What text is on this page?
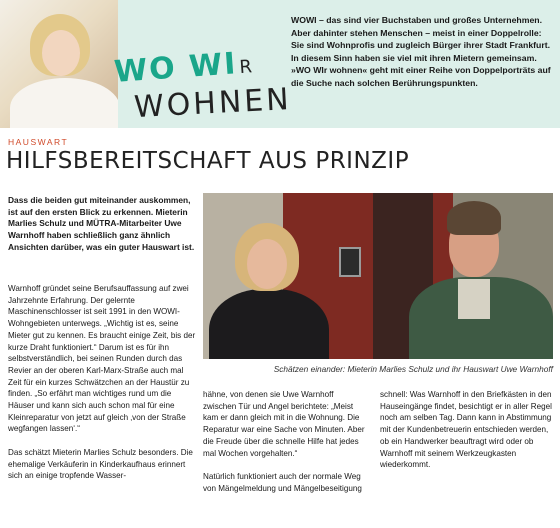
WO WIR
WOHNEN
WOWI – das sind vier Buchstaben und großes Unternehmen.
Aber dahinter stehen Menschen – meist in einer Doppelrolle: Sie sind Wohnprofis und zugleich Bürger ihrer Stadt Frankfurt. In diesem Sinn haben sie viel mit ihren Mietern gemeinsam. »WO WIr wohnen« geht mit einer Reihe von Doppelporträts auf die Suche nach solchen Berührungspunkten.
HAUSWART
HILFSBEREITSCHAFT AUS PRINZIP
Dass die beiden gut miteinander auskommen, ist auf den ersten Blick zu erkennen. Mieterin Marlies Schulz und MÜTRA-Mitarbeiter Uwe Warnhoff haben schließlich ganz ähnlich Ansichten darüber, was ein guter Hauswart ist.

Warnhoff gründet seine Berufsauffassung auf zwei Jahrzehnte Erfahrung. Der gelernte Maschinenschlosser ist seit 1991 in den WOWI-Wohngebieten unterwegs. „Wichtig ist es, seine Mieter gut zu kennen. Es braucht einige Zeit, bis der kurze Draht funktioniert.“ Darum ist es für ihn selbstverständlich, bei seinen Runden durch das Revier an der oberen Karl-Marx-Straße auch mal Zeit für ein kurzes Schwätzchen an der Haustür zu finden. „So erfährt man wichtiges rund um die Häuser und kann sich auch schon mal für eine Kleinreparatur von jetzt auf gleich ‚von der Straße wegfangen lassen‘.“

Das schätzt Mieterin Marlies Schulz besonders. Die ehemalige Verkäuferin in Kinderkaufhaus erinnert sich an einige tropfende Wasser-

Schätzen einander: Mieterin Marlies Schulz und ihr Hauswart Uwe Warnhoff

hähne, von denen sie Uwe Warnhoff zwischen Tür und Angel berichtete: „Meist kam er dann gleich mit in die Wohnung. Die Reparatur war eine Sache von Minuten. Aber die Freude über die schnelle Hilfe hat jedes mal Wochen vorgehalten.“

Natürlich funktioniert auch der normale Weg von Mängelmeldung und Mängelbeseitigung

schnell: Was Warnhoff in den Briefkästen in den Hauseingänge findet, besichtigt er in aller Regel noch am selben Tag. Dann kann in Abstimmung mit der Kundenbetreuerin entschieden werden, ob ein Handwerker beauftragt wird oder ob Warnhoff mit seinem Werkzeugkasten wiederkommt.
